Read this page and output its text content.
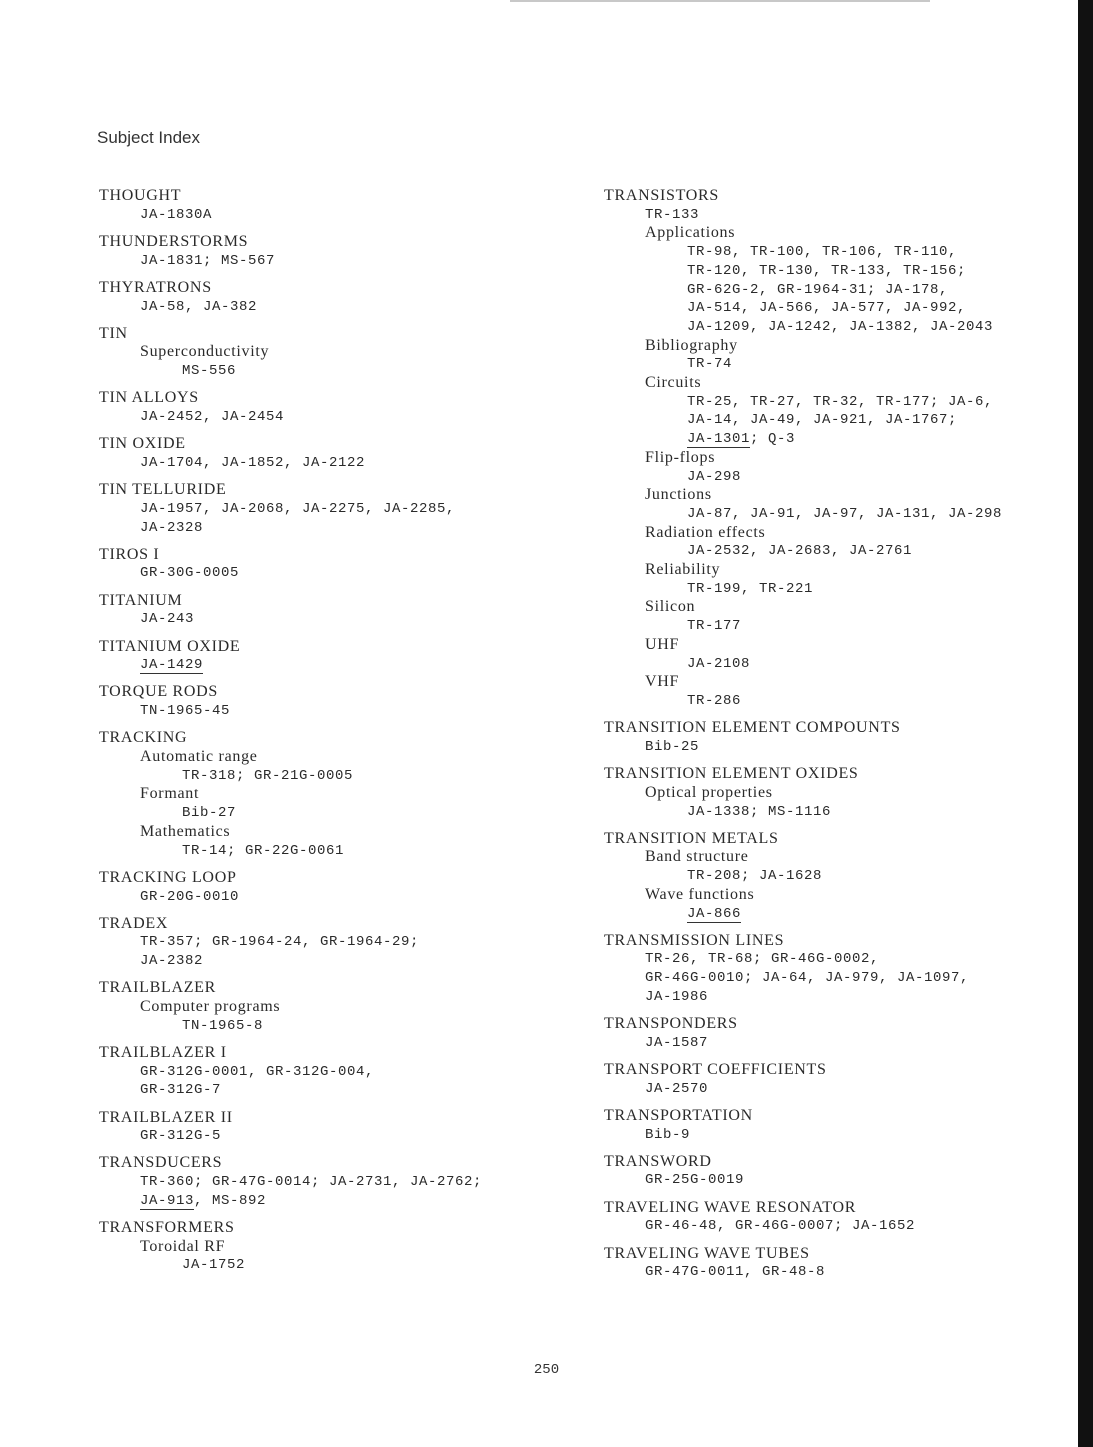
Subject Index
THOUGHT
JA-1830A
THUNDERSTORMS
JA-1831; MS-567
THYRATRONS
JA-58, JA-382
TIN
Superconductivity
MS-556
TIN ALLOYS
JA-2452, JA-2454
TIN OXIDE
JA-1704, JA-1852, JA-2122
TIN TELLURIDE
JA-1957, JA-2068, JA-2275, JA-2285,
JA-2328
TIROS I
GR-30G-0005
TITANIUM
JA-243
TITANIUM OXIDE
JA-1429
TORQUE RODS
TN-1965-45
TRACKING
Automatic range
TR-318; GR-21G-0005
Formant
Bib-27
Mathematics
TR-14; GR-22G-0061
TRACKING LOOP
GR-20G-0010
TRADEX
TR-357; GR-1964-24, GR-1964-29;
JA-2382
TRAILBLAZER
Computer programs
TN-1965-8
TRAILBLAZER I
GR-312G-0001, GR-312G-004,
GR-312G-7
TRAILBLAZER II
GR-312G-5
TRANSDUCERS
TR-360; GR-47G-0014; JA-2731, JA-2762;
JA-913, MS-892
TRANSFORMERS
Toroidal RF
JA-1752
TRANSISTORS
TR-133
Applications
TR-98, TR-100, TR-106, TR-110,
TR-120, TR-130, TR-133, TR-156;
GR-62G-2, GR-1964-31; JA-178,
JA-514, JA-566, JA-577, JA-992,
JA-1209, JA-1242, JA-1382, JA-2043
Bibliography
TR-74
Circuits
TR-25, TR-27, TR-32, TR-177; JA-6,
JA-14, JA-49, JA-921, JA-1767;
JA-1301; Q-3
Flip-flops
JA-298
Junctions
JA-87, JA-91, JA-97, JA-131, JA-298
Radiation effects
JA-2532, JA-2683, JA-2761
Reliability
TR-199, TR-221
Silicon
TR-177
UHF
JA-2108
VHF
TR-286
TRANSITION ELEMENT COMPOUNTS
Bib-25
TRANSITION ELEMENT OXIDES
Optical properties
JA-1338; MS-1116
TRANSITION METALS
Band structure
TR-208; JA-1628
Wave functions
JA-866
TRANSMISSION LINES
TR-26, TR-68; GR-46G-0002,
GR-46G-0010; JA-64, JA-979, JA-1097,
JA-1986
TRANSPONDERS
JA-1587
TRANSPORT COEFFICIENTS
JA-2570
TRANSPORTATION
Bib-9
TRANSWORD
GR-25G-0019
TRAVELING WAVE RESONATOR
GR-46-48, GR-46G-0007; JA-1652
TRAVELING WAVE TUBES
GR-47G-0011, GR-48-8
250
